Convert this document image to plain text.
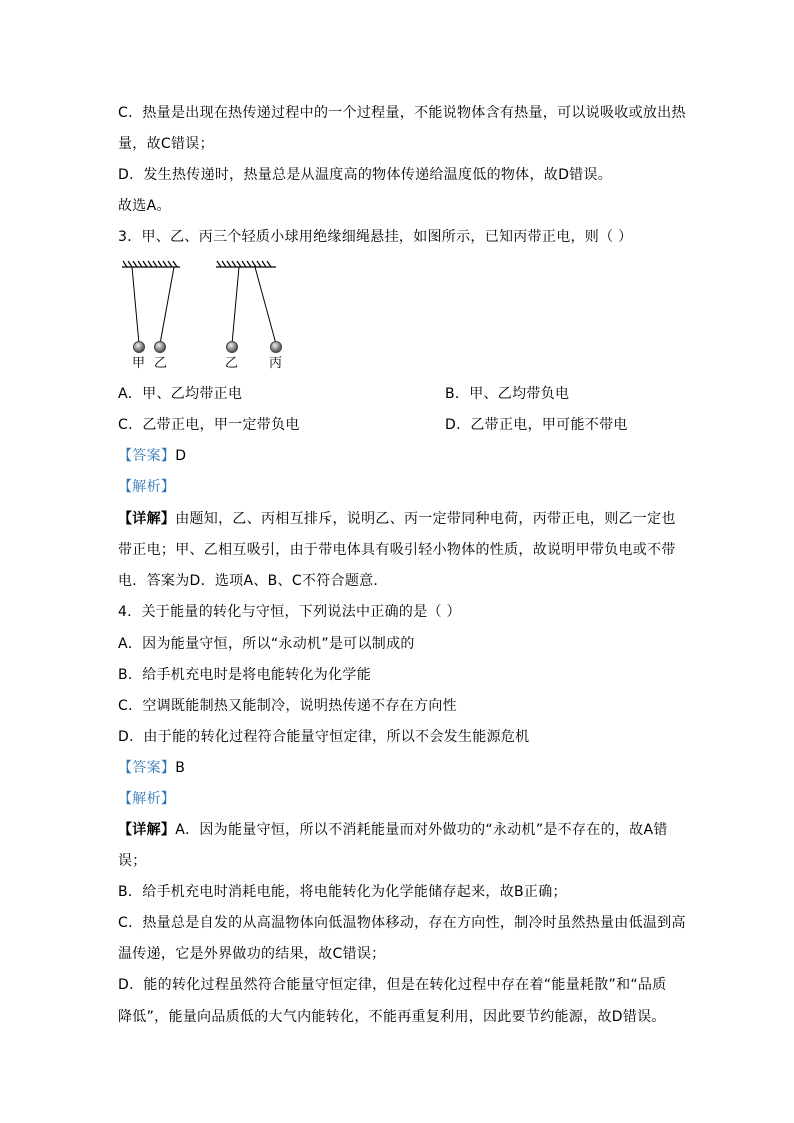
C．热量是出现在热传递过程中的一个过程量，不能说物体含有热量，可以说吸收或放出热
量，故C错误；
D．发生热传递时，热量总是从温度高的物体传递给温度低的物体，故D错误。
故选A。
3．甲、乙、丙三个轻质小球用绝缘细绳悬挂，如图所示，已知丙带正电，则（ ）
甲 乙	乙 丙
A．甲、乙均带正电	B．甲、乙均带负电
C．乙带正电，甲一定带负电	D．乙带正电，甲可能不带电
【答案】D
【解析】
【详解】由题知，乙、丙相互排斥，说明乙、丙一定带同种电荷，丙带正电，则乙一定也
带正电；甲、乙相互吸引，由于带电体具有吸引轻小物体的性质，故说明甲带负电或不带
电．答案为D．选项A、B、C不符合题意．
4．关于能量的转化与守恒，下列说法中正确的是（ ）
A．因为能量守恒，所以“永动机”是可以制成的
B．给手机充电时是将电能转化为化学能
C．空调既能制热又能制冷，说明热传递不存在方向性
D．由于能的转化过程符合能量守恒定律，所以不会发生能源危机
【答案】B
【解析】
【详解】A．因为能量守恒，所以不消耗能量而对外做功的“永动机”是不存在的，故A错
误；
B．给手机充电时消耗电能，将电能转化为化学能储存起来，故B正确；
C．热量总是自发的从高温物体向低温物体移动，存在方向性，制冷时虽然热量由低温到高
温传递，它是外界做功的结果，故C错误；
D．能的转化过程虽然符合能量守恒定律，但是在转化过程中存在着“能量耗散”和“品质
降低”，能量向品质低的大气内能转化，不能再重复利用，因此要节约能源，故D错误。
